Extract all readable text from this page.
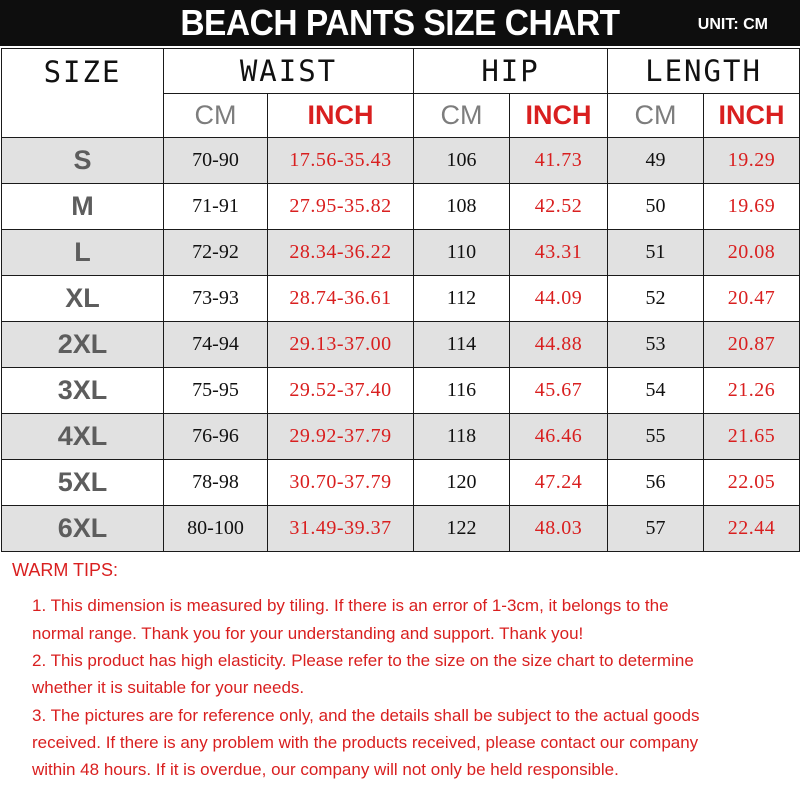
BEACH PANTS SIZE CHART	UNIT: CM
SIZE	WAIST		HIP		LENGTH	
	CM	INCH	CM	INCH	CM	INCH
S	70-90	17.56-35.43	106	41.73	49	19.29
M	71-91	27.95-35.82	108	42.52	50	19.69
L	72-92	28.34-36.22	110	43.31	51	20.08
XL	73-93	28.74-36.61	112	44.09	52	20.47
2XL	74-94	29.13-37.00	114	44.88	53	20.87
3XL	75-95	29.52-37.40	116	45.67	54	21.26
4XL	76-96	29.92-37.79	118	46.46	55	21.65
5XL	78-98	30.70-37.79	120	47.24	56	22.05
6XL	80-100	31.49-39.37	122	48.03	57	22.44
WARM TIPS:
1. This dimension is measured by tiling. If there is an error of 1-3cm, it belongs to the
normal range. Thank you for your understanding and support. Thank you!
2. This product has high elasticity. Please refer to the size on the size chart to determine
whether it is suitable for your needs.
3. The pictures are for reference only, and the details shall be subject to the actual goods
received. If there is any problem with the products received, please contact our company
within 48 hours. If it is overdue, our company will not only be held responsible.
